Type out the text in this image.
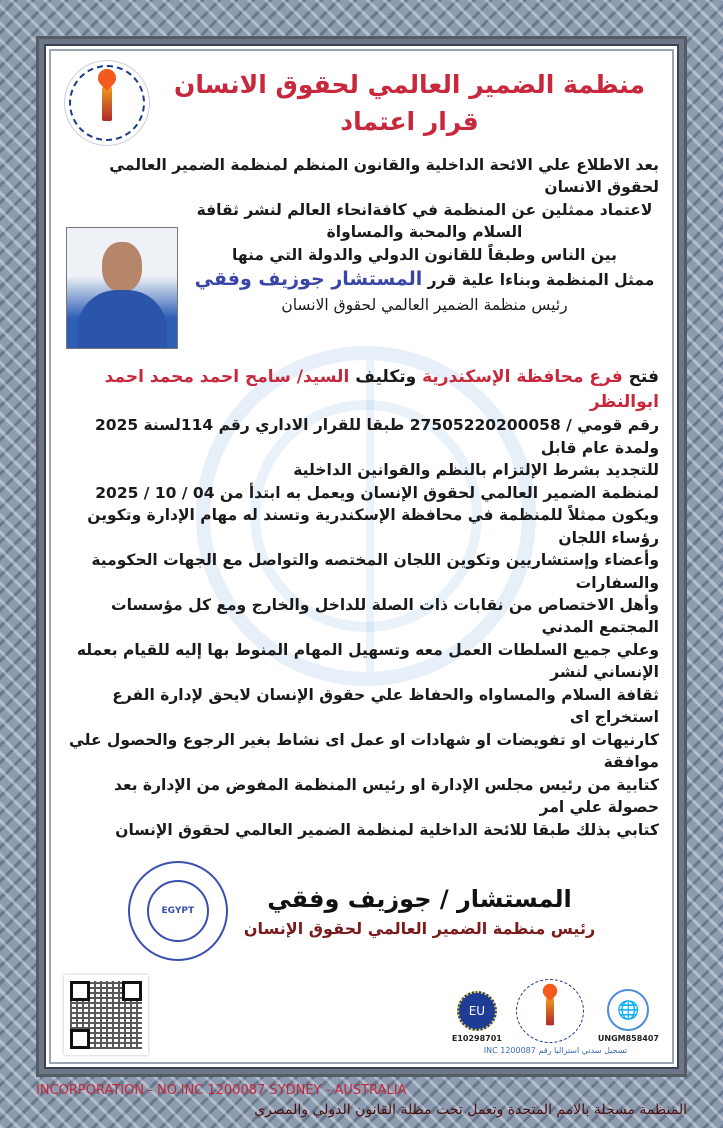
منظمة الضمير العالمي لحقوق الانسان
قرار اعتماد
بعد الاطلاع علي الائحة الداخلية والقانون المنظم لمنظمة الضمير العالمي لحقوق الانسان
لاعتماد ممثلين عن المنظمة في كافةانحاء العالم لنشر ثقافة السلام والمحبة والمساواة
بين الناس وطبقاً للقانون الدولي والدولة التي منها
ممثل المنظمة وبناءا علية قرر المستشار جوزيف وفقي
رئيس منظمة الضمير العالمي لحقوق الانسان
فتح فرع محافظة الإسكندرية وتكليف السيد/ سامح احمد محمد احمد ابوالنظر
رقم قومي / 27505220200058 طبقا للقرار الاداري رقم 114لسنة 2025 ولمدة عام قابل
للتجديد بشرط الإلتزام بالنظم والقوانين الداخلية
لمنظمة الضمير العالمي لحقوق الإنسان ويعمل به ابتدأ من 04 / 10 / 2025
ويكون ممثلاً للمنظمة في محافظة الإسكندرية وتسند له مهام الإدارة وتكوين رؤساء اللجان
وأعضاء وإستشاريين وتكوين اللجان المختصه والتواصل مع الجهات الحكومية والسفارات
وأهل الاختصاص من نقابات ذات الصلة للداخل والخارج ومع كل مؤسسات المجتمع المدني
وعلي جميع السلطات العمل معه وتسهيل المهام المنوط بها إليه للقيام بعمله الإنساني لنشر
ثقافة السلام والمساواه والحفاظ علي حقوق الإنسان لايحق لإدارة الفرع استخراج اى
كارنيهات او تفويضات او شهادات او عمل اى نشاط بغير الرجوع والحصول علي موافقة
كتابية من رئيس مجلس الإدارة او رئيس المنظمة المفوض من الإدارة بعد حصولة علي امر
كتابي بذلك طبقا للائحة الداخلية لمنظمة الضمير العالمي لحقوق الإنسان
EGYPT	المستشار / جوزيف وفقي
رئيس منظمة الضمير العالمي لحقوق الإنسان
EU
E10298701
🌐
UNGM858407
تسجيل سدني استراليا رقم INC 1200087
INCORPORATION - NO.INC 1200087 SYDNEY - AUSTRALIA
المنظمة مسجلة بالامم المتحدة وتعمل تحت مظلة القانون الدولي والمصري
